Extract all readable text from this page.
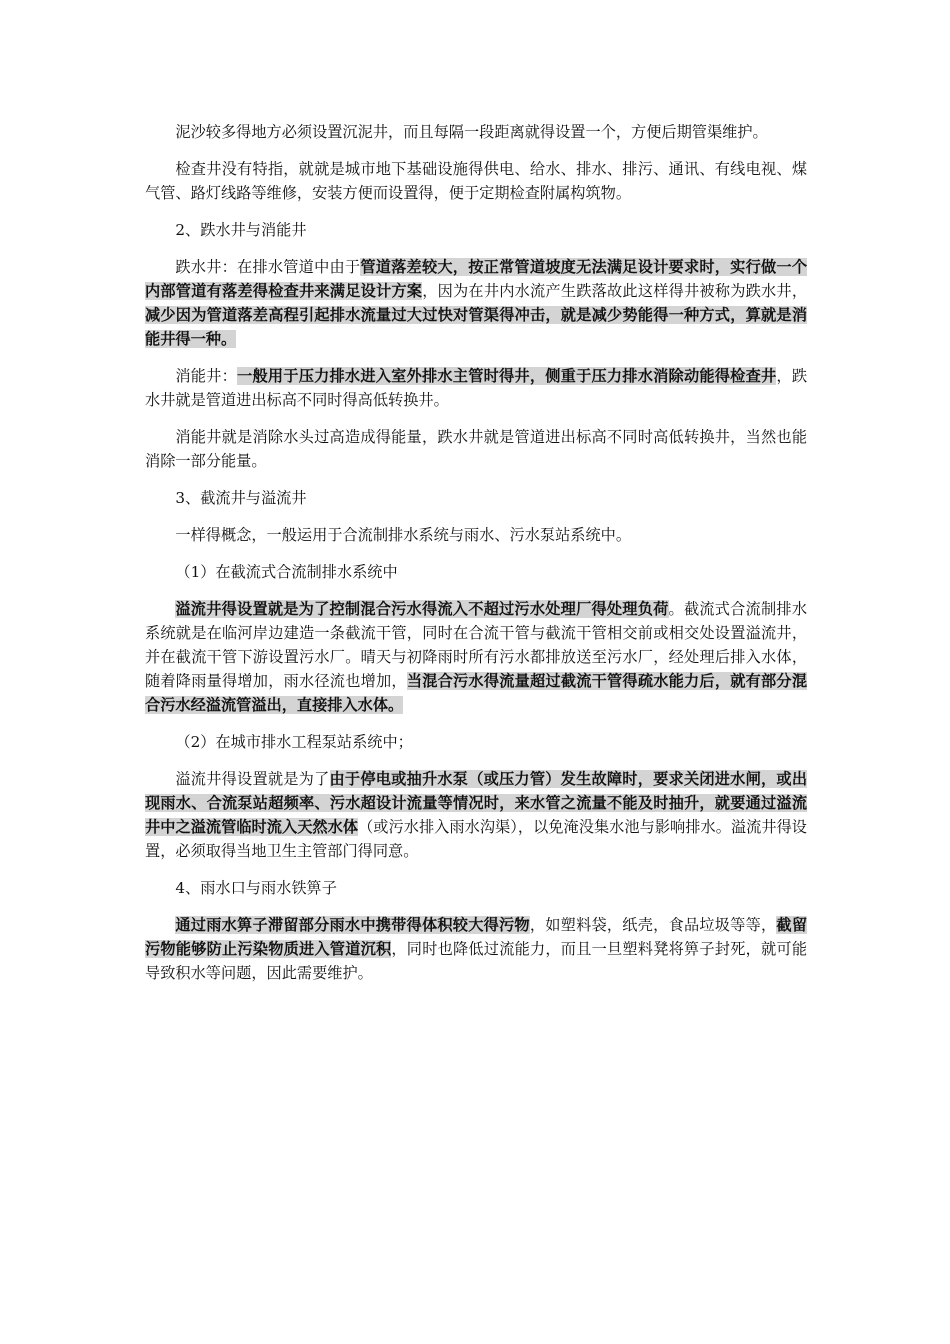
泥沙较多得地方必须设置沉泥井，而且每隔一段距离就得设置一个，方便后期管渠维护。

检查井没有特指，就就是城市地下基础设施得供电、给水、排水、排污、通讯、有线电视、煤气管、路灯线路等维修，安装方便而设置得，便于定期检查附属构筑物。

2、跌水井与消能井

跌水井：在排水管道中由于管道落差较大，按正常管道坡度无法满足设计要求时，实行做一个内部管道有落差得检查井来满足设计方案，因为在井内水流产生跌落故此这样得井被称为跌水井，减少因为管道落差高程引起排水流量过大过快对管渠得冲击，就是减少势能得一种方式，算就是消能井得一种。

消能井：一般用于压力排水进入室外排水主管时得井，侧重于压力排水消除动能得检查井，跌水井就是管道进出标高不同时得高低转换井。

消能井就是消除水头过高造成得能量，跌水井就是管道进出标高不同时高低转换井，当然也能消除一部分能量。

3、截流井与溢流井

一样得概念，一般运用于合流制排水系统与雨水、污水泵站系统中。

（1）在截流式合流制排水系统中

溢流井得设置就是为了控制混合污水得流入不超过污水处理厂得处理负荷。截流式合流制排水系统就是在临河岸边建造一条截流干管，同时在合流干管与截流干管相交前或相交处设置溢流井，并在截流干管下游设置污水厂。晴天与初降雨时所有污水都排放送至污水厂，经处理后排入水体，随着降雨量得增加，雨水径流也增加，当混合污水得流量超过截流干管得疏水能力后，就有部分混合污水经溢流管溢出，直接排入水体。

（2）在城市排水工程泵站系统中；

溢流井得设置就是为了由于停电或抽升水泵（或压力管）发生故障时，要求关闭进水闸，或出现雨水、合流泵站超频率、污水超设计流量等情况时，来水管之流量不能及时抽升，就要通过溢流井中之溢流管临时流入天然水体（或污水排入雨水沟渠），以免淹没集水池与影响排水。溢流井得设置，必须取得当地卫生主管部门得同意。

4、雨水口与雨水铁箅子

通过雨水箅子滞留部分雨水中携带得体积较大得污物，如塑料袋，纸壳，食品垃圾等等，截留污物能够防止污染物质进入管道沉积，同时也降低过流能力，而且一旦塑料凳将箅子封死，就可能导致积水等问题，因此需要维护。
